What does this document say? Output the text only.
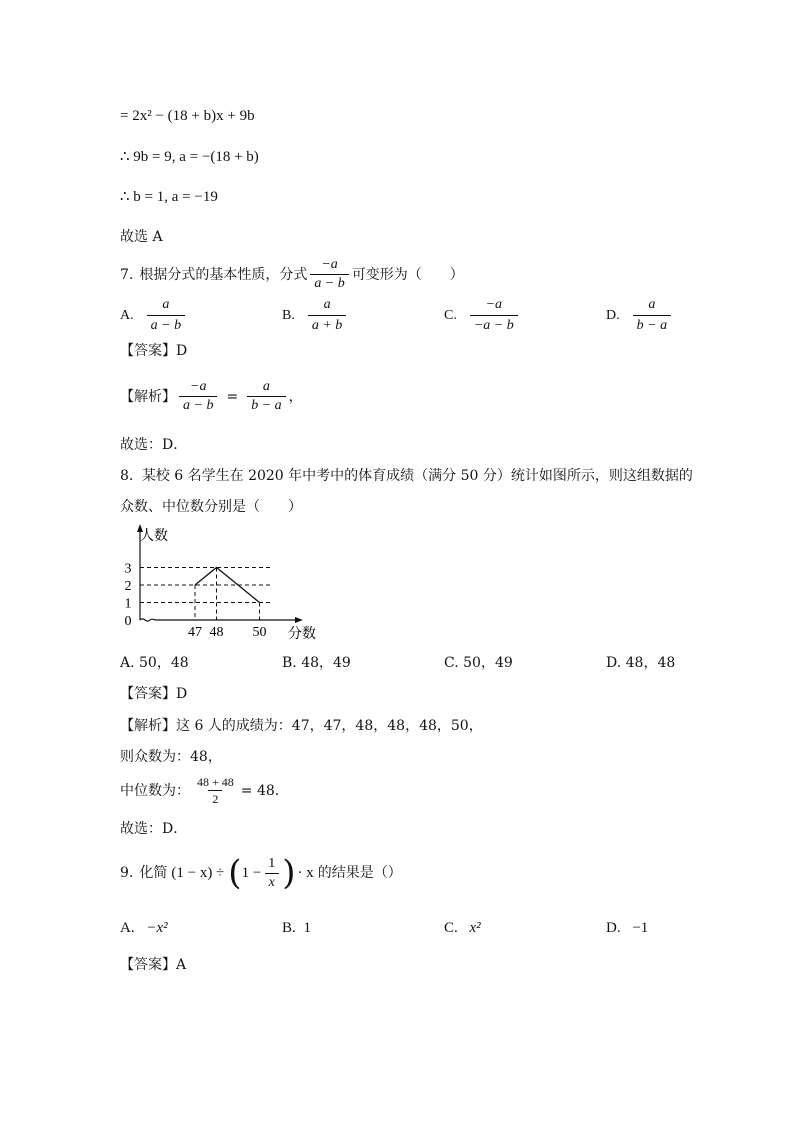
= 2x² − (18 + b)x + 9b
∴ 9b = 9, a = −(18 + b)
∴ b = 1, a = −19
故选 A
7. 根据分式的基本性质，分式 $\frac{-a}{a - b}$ 可变形为（　　）
A. $\frac{a}{a - b}$	B. $\frac{a}{a + b}$	C. $\frac{-a}{-a - b}$	D. $\frac{a}{b - a}$
【答案】D
【解析】 $\frac{-a}{a - b} = \frac{a}{b - a}$ ，
故选：D．
8. 某校 6 名学生在 2020 年中考中的体育成绩（满分 50 分）统计如图所示，则这组数据的
众数、中位数分别是（　　）
0
1
2
3
47 48 50
人数
分数
A. 50，48	B. 48，49	C. 50，49	D. 48，48
【答案】D
【解析】这 6 人的成绩为：47，47，48，48，48，50，
则众数为：48，
中位数为： $\frac{48 + 48}{2} = 48$．
故选：D．
9. 化简 (1 − x) ÷ ( $1 - \frac{1}{x}$ ) · x 的结果是（）
A. −x²	B. 1	C. x²	D. −1
【答案】A
